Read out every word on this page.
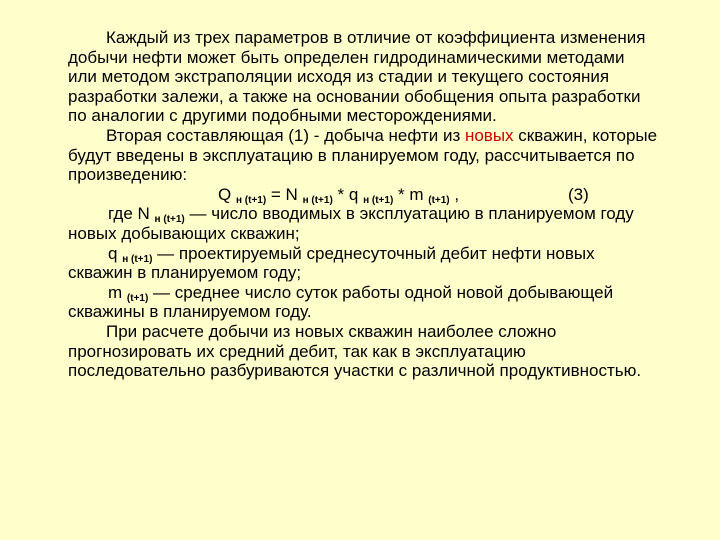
Каждый из трех параметров в отличие от коэффициента изменения
добычи нефти может быть определен гидродинамическими методами
или методом экстраполяции исходя из стадии и текущего состояния
разработки залежи, а также на основании обобщения опыта разработки
по аналогии с другими подобными месторождениями.
Вторая составляющая (1) - добыча нефти из новых скважин, которые
будут введены в эксплуатацию в планируемом году, рассчитывается по
произведению:
Q $_{н (t+1)}$ = N $_{н (t+1)}$ * q $_{н (t+1)}$ * m $_{(t+1)}$ ,	(3)
где N $_{н (t+1)}$ — число вводимых в эксплуатацию в планируемом году
новых добывающих скважин;
q $_{н (t+1)}$ — проектируемый среднесуточный дебит нефти новых
скважин в планируемом году;
m $_{(t+1)}$ — среднее число суток работы одной новой добывающей
скважины в планируемом году.
При расчете добычи из новых скважин наиболее сложно
прогнозировать их средний дебит, так как в эксплуатацию
последовательно разбуриваются участки с различной продуктивностью.
